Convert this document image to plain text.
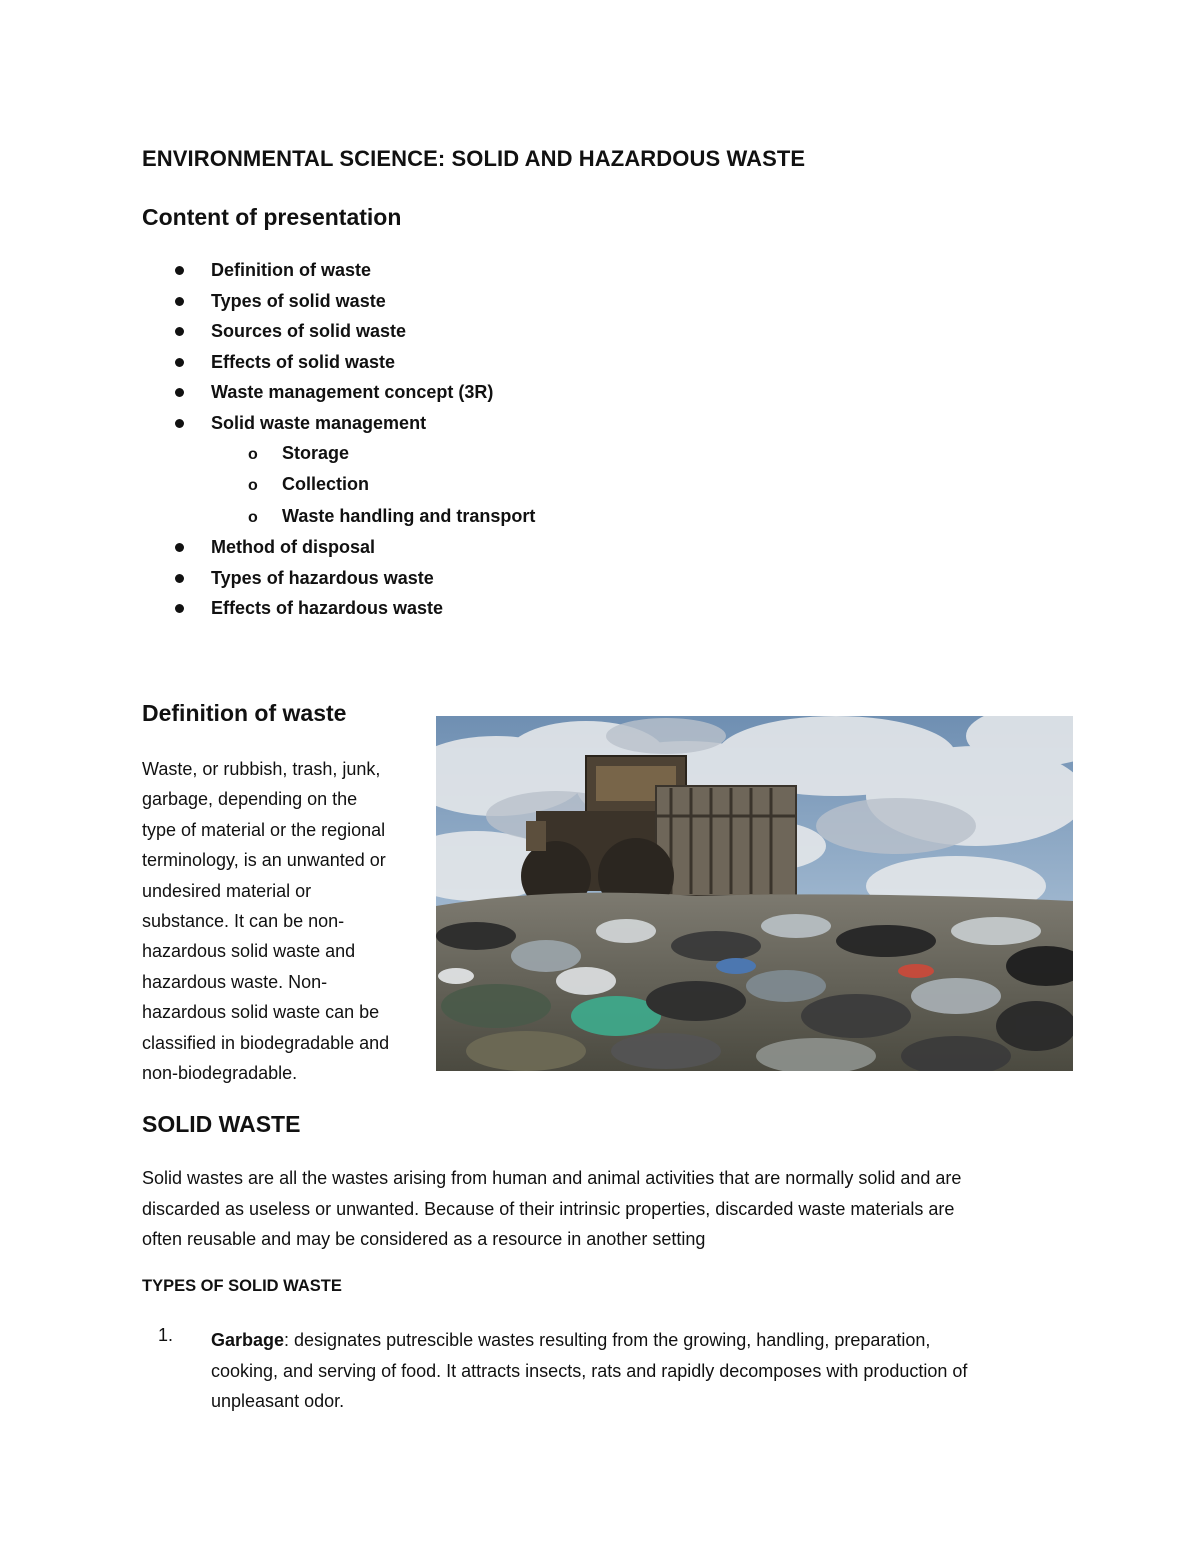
ENVIRONMENTAL SCIENCE: SOLID AND HAZARDOUS WASTE
Content of presentation
Definition of waste
Types of solid waste
Sources of solid waste
Effects of solid waste
Waste management concept (3R)
Solid waste management
o Storage
o Collection
o Waste handling and transport
Method of disposal
Types of hazardous waste
Effects of hazardous waste
Definition of waste
Waste, or rubbish, trash, junk,
garbage, depending on the
type of material or the regional
terminology, is an unwanted or
undesired material or
substance. It can be non-
hazardous solid waste and
hazardous waste. Non-
hazardous solid waste can be
classified in biodegradable and
non-biodegradable.
SOLID WASTE
Solid wastes are all the wastes arising from human and animal activities that are normally solid and are
discarded as useless or unwanted. Because of their intrinsic properties, discarded waste materials are
often reusable and may be considered as a resource in another setting
TYPES OF SOLID WASTE
1. Garbage: designates putrescible wastes resulting from the growing, handling, preparation,
cooking, and serving of food. It attracts insects, rats and rapidly decomposes with production of
unpleasant odor.
